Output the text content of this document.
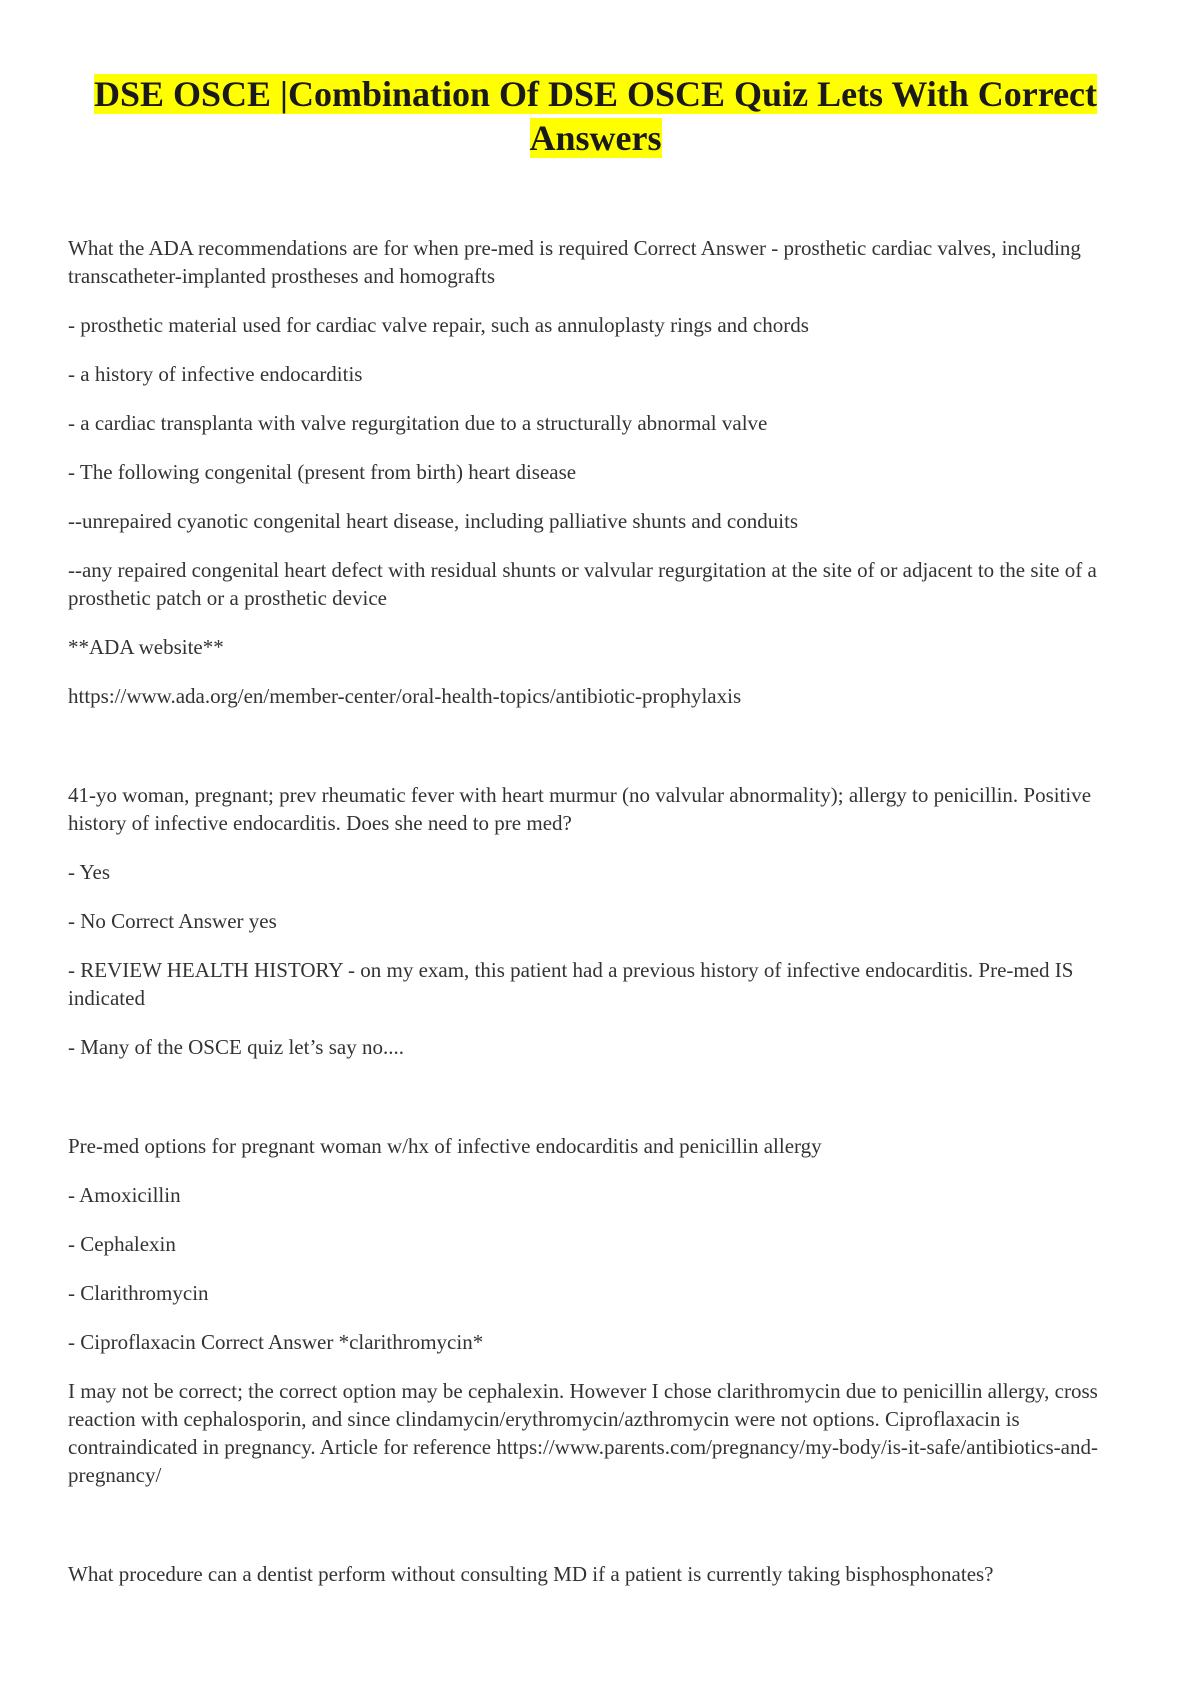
DSE OSCE |Combination Of DSE OSCE Quiz Lets With Correct
Answers
What the ADA recommendations are for when pre-med is required Correct Answer - prosthetic cardiac valves, including transcatheter-implanted prostheses and homografts
- prosthetic material used for cardiac valve repair, such as annuloplasty rings and chords
- a history of infective endocarditis
- a cardiac transplanta with valve regurgitation due to a structurally abnormal valve
- The following congenital (present from birth) heart disease
--unrepaired cyanotic congenital heart disease, including palliative shunts and conduits
--any repaired congenital heart defect with residual shunts or valvular regurgitation at the site of or adjacent to the site of a prosthetic patch or a prosthetic device
**ADA website**
https://www.ada.org/en/member-center/oral-health-topics/antibiotic-prophylaxis
41-yo woman, pregnant; prev rheumatic fever with heart murmur (no valvular abnormality); allergy to penicillin. Positive history of infective endocarditis. Does she need to pre med?
- Yes
- No Correct Answer yes
- REVIEW HEALTH HISTORY - on my exam, this patient had a previous history of infective endocarditis. Pre-med IS indicated
- Many of the OSCE quiz let’s say no....
Pre-med options for pregnant woman w/hx of infective endocarditis and penicillin allergy
- Amoxicillin
- Cephalexin
- Clarithromycin
- Ciproflaxacin Correct Answer *clarithromycin*
I may not be correct; the correct option may be cephalexin. However I chose clarithromycin due to penicillin allergy, cross reaction with cephalosporin, and since clindamycin/erythromycin/azthromycin were not options. Ciproflaxacin is contraindicated in pregnancy. Article for reference https://www.parents.com/pregnancy/my-body/is-it-safe/antibiotics-and-pregnancy/
What procedure can a dentist perform without consulting MD if a patient is currently taking bisphosphonates?
